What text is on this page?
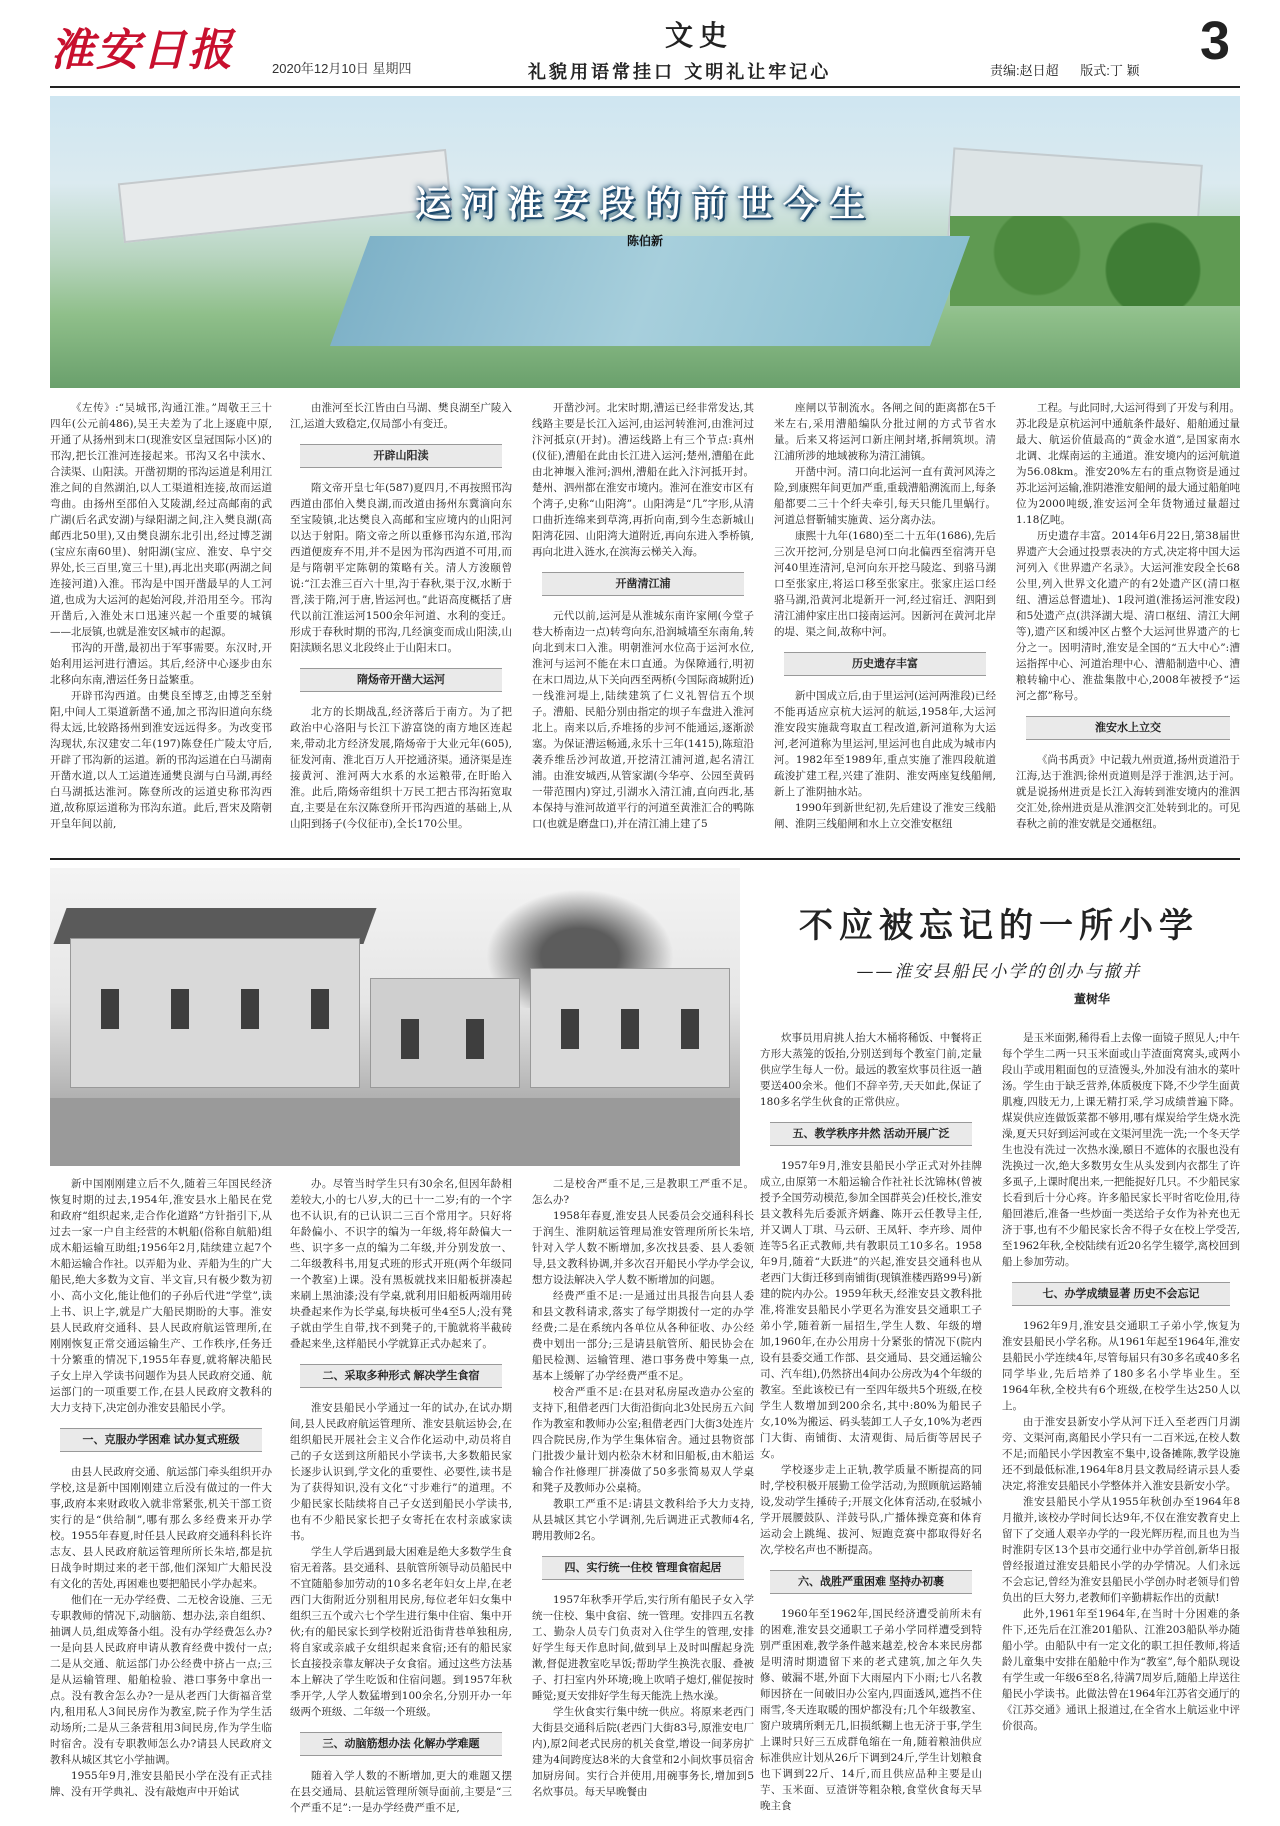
淮安日报	2020年12月10日 星期四
文史
礼貌用语常挂口 文明礼让牢记心	责编:赵日超 版式:丁 颖	3
运河淮安段的前世今生
陈伯新

《左传》:“吴城邗,沟通江淮。”周敬王三十四年(公元前486),吴王夫差为了北上逐鹿中原,开通了从扬州到末口(现淮安区皇冠国际小区)的邗沟,把长江淮河连接起来。邗沟又名中渎水、合渎渠、山阳渎。开凿初期的邗沟运道是利用江淮之间的自然湖泊,以人工渠道相连接,故而运道弯曲。由扬州至邵伯入艾陵湖,经过高邮南的武广湖(后名武安湖)与绿阳湖之间,注入樊良湖(高邮西北50里),又由樊良湖东北引出,经过博芝湖(宝应东南60里)、射阳湖(宝应、淮安、阜宁交界处,长三百里,宽三十里),再北出夹耶(两湖之间连接河道)入淮。邗沟是中国开凿最早的人工河道,也成为大运河的起始河段,并沿用至今。邗沟开凿后,入淮处末口迅速兴起一个重要的城镇——北辰镇,也就是淮安区城市的起源。

邗沟的开凿,最初出于军事需要。东汉时,开始利用运河进行漕运。其后,经济中心逐步由东北移向东南,漕运任务日益繁重。

开辟邗沟西道。由樊良至博芝,由博芝至射阳,中间人工渠道新凿不通,加之邗沟旧道向东绕得太远,比较路扬州到淮安远远得多。为改变邗沟现状,东汉建安二年(197)陈登任广陵太守后,开辟了邗沟新的运道。新的邗沟运道在白马湖南开凿水道,以人工运道连通樊良湖与白马湖,再经白马湖抵达淮河。陈登所改的运道史称邗沟西道,故称原运道称为邗沟东道。此后,晋宋及隋朝开皇年间以前,

由淮河至长江皆由白马湖、樊良湖至广陵入江,运道大致稳定,仅局部小有变迁。

开辟山阳渎

隋文帝开皇七年(587)夏四月,不再按照邗沟西道由邵伯入樊良湖,而改道由扬州东冀滴向东至宝陵镇,北达樊良入高邮和宝应境内的山阳河以达于射阳。隋文帝之所以重修邗沟东道,邗沟西道便废弃不用,并不是因为邗沟西道不可用,而是与隋朝平定陈朝的策略有关。清人方浚颐曾说:“江去淮三百六十里,沟于春秋,渠于汉,水断于晋,渎于隋,河于唐,皆运河也。”此语高度概括了唐代以前江淮运河1500余年河道、水利的变迁。形成于春秋时期的邗沟,几经演变而成山阳渎,山阳渎顾名思义北段终止于山阳末口。

隋炀帝开凿大运河

北方的长期战乱,经济落后于南方。为了把政治中心洛阳与长江下游富饶的南方地区连起来,带动北方经济发展,隋炀帝于大业元年(605),征发河南、淮北百万人开挖通济渠。通济渠是连接黄河、淮河两大水系的水运粮带,在盱眙入淮。此后,隋炀帝组织十万民工把古邗沟拓宽取直,主要是在东汉陈登所开邗沟西道的基础上,从山阳到扬子(今仪征市),全长170公里。

开凿沙河。北宋时期,漕运已经非常发达,其线路主要是长江入运河,由运河转淮河,由淮河过汴河抵京(开封)。漕运线路上有三个节点:真州(仪征),漕船在此由长江进入运河;楚州,漕船在此由北神堰入淮河;泗州,漕船在此入汴河抵开封。楚州、泗州都在淮安市境内。淮河在淮安市区有个湾子,史称“山阳湾”。山阳湾是“几”字形,从清口曲折连绵来到草湾,再折向南,到今生态新城山阳湾花园、山阳湾大道附近,再向东进入季桥镇,再向北进入涟水,在滨海云梯关入海。

开凿清江浦

元代以前,运河是从淮城东南许家闸(今堂子巷大桥南边一点)转弯向东,沿润城墙至东南角,转向北到末口入淮。明朝淮河水位高于运河水位,淮河与运河不能在末口直通。为保障通行,明初在末口周边,从下关向西至两桥(今国际商城附近)一线淮河堤上,陆续建筑了仁义礼智信五个坝子。漕船、民船分别由指定的坝子车盘进入淮河北上。南来以后,乔堆扬的步河不能通运,逐渐淤塞。为保证漕运畅通,永乐十三年(1415),陈瑄沿袭乔维岳沙河故道,开挖清江浦河道,起名清江浦。由淮安城西,从管家湖(今华亭、公园至黄码一带范围内)穿过,引湖水入清江浦,直向西北,基本保持与淮河故道平行的河道至黄淮汇合的鸭陈口(也就是磨盘口),并在清江浦上建了5

座闸以节制流水。各闸之间的距离都在5千米左右,采用漕船编队分批过闸的方式节省水量。后来又将运河口新庄闸封堵,拆闸筑坝。清江浦所涉的地域被称为清江浦镇。

开凿中河。清口向北运河一直有黄河风涛之险,到康熙年间更加严重,重载漕船溯流而上,每条船都要二三十个纤夫牵引,每天只能几里蜗行。河道总督靳辅实施黄、运分离办法。

康熙十九年(1680)至二十五年(1686),先后三次开挖河,分别是皂河口向北偏西至宿湾开皂河40里连清河,皂河向东开挖马陵迄、到骆马湖口至张家庄,将运口移至张家庄。张家庄运口经骆马湖,沿黄河北堤新开一河,经过宿迁、泗阳到清江浦仲家庄出口接南运河。因新河在黄河北岸的堤、渠之间,故称中河。

历史遗存丰富

新中国成立后,由于里运河(运河两淮段)已经不能再适应京杭大运河的航运,1958年,大运河淮安段实施裁弯取直工程改道,新河道称为大运河,老河道称为里运河,里运河也自此成为城市内河。1982年至1989年,重点实施了淮四段航道疏浚扩建工程,兴建了淮阴、淮安两座复线船闸,新上了淮阴抽水站。

1990年到新世纪初,先后建设了淮安三线船闸、淮阴三线船闸和水上立交淮安枢纽

工程。与此同时,大运河得到了开发与利用。苏北段是京杭运河中通航条件最好、船舶通过量最大、航运价值最高的“黄金水道”,是国家南水北调、北煤南运的主通道。淮安境内的运河航道为56.08km。淮安20%左右的重点物资是通过苏北运河运输,淮阴港淮安船闸的最大通过船舶吨位为2000吨级,淮安运河全年货物通过量超过1.18亿吨。

历史遗存丰富。2014年6月22日,第38届世界遗产大会通过投票表决的方式,决定将中国大运河列入《世界遗产名录》。大运河淮安段全长68公里,列入世界文化遗产的有2处遗产区(清口枢纽、漕运总督遗址)、1段河道(淮扬运河淮安段)和5处遗产点(洪泽湖大堤、清口枢纽、清江大闸等),遗产区和缓冲区占整个大运河世界遗产的七分之一。因明清时,淮安是全国的“五大中心”:漕运指挥中心、河道治理中心、漕船制造中心、漕粮转输中心、淮盐集散中心,2008年被授予“运河之都”称号。

淮安水上立交

《尚书禹贡》中记载九州贡道,扬州贡道沿于江海,达于淮泗;徐州贡道则是浮于淮泗,达于河。就是说扬州进贡是长江入海转到淮安境内的淮泗交汇处,徐州进贡是从淮泗交汇处转到北的。可见春秋之前的淮安就是交通枢纽。

不应被忘记的一所小学
——淮安县船民小学的创办与撤并
董树华

炊事员用肩挑人抬大木桶将稀饭、中餐将正方形大蒸笼的饭抬,分别送到每个教室门前,定量供应学生每人一份。最远的教室炊事员往返一趟要送400余米。他们不辞辛劳,天天如此,保证了180多名学生伙食的正常供应。

五、教学秩序井然 活动开展广泛

1957年9月,淮安县船民小学正式对外挂牌成立,由原第一木船运输合作社社长沈锦林(曾被授予全国劳动模范,参加全国群英会)任校长,淮安县文教科先后委派齐炳鑫、陈开云任教导主任,并又调人丁琪、马云研、王凤轩、李卉珍、周仲连等5名正式教师,共有教职员工10多名。1958年9月,随着“大跃进”的兴起,淮安县交通科也从老西门大街迁移到南铺街(现镇淮楼西路99号)新建的院内办公。1959年秋天,经淮安县文教科批准,将淮安县船民小学更名为淮安县交通职工子弟小学,随着新一届招生,学生人数、年级的增加,1960年,在办公用房十分紧张的情况下(院内设有县委交通工作部、县交通局、县交通运输公司、汽车组),仍然挤出4间办公房改为4个年级的教室。至此该校已有一至四年级共5个班级,在校学生人数增加到200余名,其中:80%为船民子女,10%为搬运、码头装卸工人子女,10%为老西门大街、南铺街、太清观街、局后街等居民子女。

学校逐步走上正轨,教学质量不断提高的同时,学校积极开展勤工俭学活动,为照顾航运路辅设,发动学生捶砖子;开展文化体育活动,在驳城小学开展腰鼓队、洋鼓号队,广播体操竞赛和体育运动会上跳绳、拔河、短跑竞赛中都取得好名次,学校名声也不断提高。

六、战胜严重困难 坚持办初裹

1960年至1962年,国民经济遭受前所未有的困难,淮安县交通职工子弟小学同样遭受到特别严重困难,教学条件越来越差,校舍本来民房都是明清时期遗留下来的老式建筑,加之年久失修、破漏不堪,外面下大雨屋内下小雨;七八名教师因挤在一间破旧办公室内,四面透风,遮挡不住雨雪,冬天连取暖的围炉都没有;几个年级教室、窗户玻璃所剩无几,旧损纸糊上也无济于事,学生上课时只好三五成群龟缩在一角,随着粮油供应标准供应计划从26斤下调到24斤,学生计划粮食也下调到22斤、14斤,而且供应品种主要是山芋、玉米面、豆渣饼等粗杂粮,食堂伙食每天早晚主食

是玉米面粥,稀得看上去像一面镜子照见人;中午每个学生二两一只玉米面或山芋渣面窝窝头,或两小段山芋或用粗面包的豆渣馒头,外加没有油水的菜叶汤。学生由于缺乏营养,体质极度下降,不少学生面黄肌瘦,四肢无力,上课无精打采,学习成绩普遍下降。煤炭供应连做饭菜都不够用,哪有煤炭给学生烧水洗澡,夏天只好到运河或在文渠河里洗一洗;一个冬天学生也没有洗过一次热水澡,頤日不遮体的衣服也没有洗换过一次,绝大多数男女生从头发到内衣都生了许多虱子,上课时爬出来,一把能捉好几只。不少船民家长看到后十分心疼。许多船民家长平时省吃俭用,待船回港后,准备一些炒面一类送给子女作为补充也无济于事,也有不少船民家长舍不得子女在校上学受苦,至1962年秋,全校陆续有近20名学生辍学,离校回到船上参加劳动。

七、办学成绩显著 历史不会忘记

1962年9月,淮安县交通职工子弟小学,恢复为淮安县船民小学名称。从1961年起至1964年,淮安县船民小学连续4年,尽管每届只有30多名或40多名同学毕业,先后培养了180多名小学毕业生。至1964年秋,全校共有6个班级,在校学生达250人以上。

由于淮安县新安小学从河下迁入至老西门月湖旁、文渠河南,离船民小学只有一二百米远,在校人数不足;而船民小学因教室不集中,设备摊陈,教学设施还不到最低标准,1964年8月县文教局经请示县人委决定,将淮安县船民小学整体并入淮安县新安小学。

淮安县船民小学从1955年秋创办至1964年8月撤并,该校办学时间长达9年,不仅在淮安教育史上留下了交通人艰辛办学的一段光辉历程,而且也为当时淮阴专区13个县市交通行业中办学首创,新华日报曾经报道过淮安县船民小学的办学情况。人们永远不会忘记,曾经为淮安县船民小学创办时老领导们曾负出的巨大努力,老教师们辛勤耕耘作出的贡献!

此外,1961年至1964年,在当时十分困难的条件下,还先后在江淮201船队、江淮203船队举办随船小学。由船队中有一定文化的职工担任教师,将适龄儿童集中安排在船舱中作为“教室”,每个船队现设有学生或一年级6至8名,待满7周岁后,随船上岸送往船民小学读书。此做法曾在1964年江苏省交通厅的《江苏交通》通讯上报道过,在全省水上航运业中评价很高。

新中国刚刚建立后不久,随着三年国民经济恢复时期的过去,1954年,淮安县水上船民在党和政府“组织起来,走合作化道路”方针指引下,从过去一家一户自主经营的木帆船(俗称自航船)组成木船运输互助组;1956年2月,陆续建立起7个木船运输合作社。以弄船为业、弄船为生的广大船民,绝大多数为文盲、半文盲,只有极少数为初小、高小文化,能让他们的子孙后代进“学堂”,读上书、识上字,就是广大船民期盼的大事。淮安县人民政府交通科、县人民政府航运管理所,在刚刚恢复正常交通运输生产、工作秩序,任务迁十分繁重的情况下,1955年春夏,就将解决船民子女上岸入学读书问题作为县人民政府交通、航运部门的一项重要工作,在县人民政府文教科的大力支持下,决定创办淮安县船民小学。

一、克服办学困难 试办复式班级

由县人民政府交通、航运部门牵头组织开办学校,这是新中国刚刚建立后没有做过的一件大事,政府本来财政收入就非常紧张,机关干部工资实行的是“供给制”,哪有那么多经费来开办学校。1955年春夏,时任县人民政府交通科科长许志友、县人民政府航运管理所所长朱培,都是抗日战争时期过来的老干部,他们深知广大船民没有文化的苦处,再困难也要把船民小学办起来。

他们在一无办学经费、二无校舍设施、三无专职教师的情况下,动脑筋、想办法,亲自组织、抽调人员,组成筹备小组。没有办学经费怎么办?一是向县人民政府申请从教育经费中拨付一点;二是从交通、航运部门办公经费中挤占一点;三是从运输管理、船舶检验、港口事务中拿出一点。没有教舍怎么办?一是从老西门大街福音堂内,租用私人3间民房作为教室,院子作为学生活动场所;二是从三条营租用3间民房,作为学生临时宿舍。没有专职教师怎么办?请县人民政府文教科从城区其它小学抽调。

1955年9月,淮安县船民小学在没有正式挂牌、没有开学典礼、没有敲炮声中开始试

办。尽管当时学生只有30余名,但因年龄相差较大,小的七八岁,大的已十一二岁;有的一个字也不认识,有的已认识二三百个常用字。只好将年龄偏小、不识字的编为一年级,将年龄偏大一些、识字多一点的编为二年级,并分别发放一、二年级教科书,用复式班的形式开班(两个年级同一个教室)上课。没有黑板就找来旧船板拼凑起来刷上黑油漆;没有学桌,就利用旧船板两端用砖块叠起来作为长学桌,每块板可坐4至5人;没有凳子就由学生自带,找不到凳子的,干脆就将半截砖叠起来坐,这样船民小学就算正式办起来了。

二、采取多种形式 解决学生食宿

淮安县船民小学通过一年的试办,在试办期间,县人民政府航运管理所、淮安县航运协会,在组织船民开展社会主义合作化运动中,动员将自己的子女送到这所船民小学读书,大多数船民家长逐步认识到,学文化的重要性、必要性,读书是为了获得知识,没有文化“寸步难行”的道理。不少船民家长陆续将自己子女送到船民小学读书,也有不少船民家长把子女寄托在农村亲戚家读书。

学生人学后遇到最大困难是绝大多数学生食宿无着落。县交通科、县航管所领导动员船民中不宜随船参加劳动的10多名老年妇女上岸,在老西门大街附近分别租用民房,每位老年妇女集中组织三五个或六七个学生进行集中住宿、集中开伙;有的船民家长到学校附近沿街背巷单独租房,将自家或亲戚子女组织起来食宿;还有的船民家长直接投亲靠友解决子女食宿。通过这些方法基本上解决了学生吃饭和住宿问题。到1957年秋季开学,人学人数猛增到100余名,分别开办一年级两个班级、二年级一个班级。

三、动脑筋想办法 化解办学难题

随着入学人数的不断增加,更大的难题又摆在县交通局、县航运管理所领导面前,主要是“三个严重不足”:一是办学经费严重不足,

二是校舍严重不足,三是教职工严重不足。怎么办?

1958年春夏,淮安县人民委员会交通科科长于润生、淮阴航运管理局淮安管理所所长朱培,针对入学人数不断增加,多次找县委、县人委领导,县文教科协调,并多次召开船民小学办学会议,想方设法解决入学人数不断增加的问题。

经费严重不足:一是通过出具报告向县人委和县文教科请求,落实了每学期拨付一定的办学经费;二是在系统内各单位从各种征收、办公经费中划出一部分;三是请县航管所、船民协会在船民检测、运输管理、港口事务费中筹集一点,基本上缓解了办学经费严重不足。

校舍严重不足:在县对私房屋改造办公室的支持下,租借老西门大街沿街向北3处民房五六间作为教室和教师办公室;租借老西门大街3处连片四合院民房,作为学生集体宿舍。通过县物资部门批拨少量计划内松杂木材和旧船板,由木船运输合作社修理厂拼凑做了50多张简易双人学桌和凳子及教师办公桌椅。

教职工严重不足:请县文教科给予大力支持,从县城区其它小学调剂,先后调进正式教师4名,聘用教师2名。

四、实行统一住校 管理食宿起居

1957年秋季开学后,实行所有船民子女入学统一住校、集中食宿、统一管理。安排四五名教工、勤杂人员专门负责对入住学生的管理,安排好学生每天作息时间,做到早上及时叫醒起身洗漱,督促进教室吃早饭;帮助学生换洗衣服、叠被子、打扫室内外环境;晚上吹哨子熄灯,催促按时睡觉;夏天安排好学生每天能洗上热水澡。

学生伙食实行集中统一供应。将原来老西门大街县交通科后院(老西门大街83号,原淮安电厂内),原2间老式民房的机关食堂,增设一间茅房扩建为4间跨度达8米的大食堂和2小间炊事员宿舍加厨房间。实行合并使用,用碗事务长,增加到5名炊事员。每天早晚餐由
